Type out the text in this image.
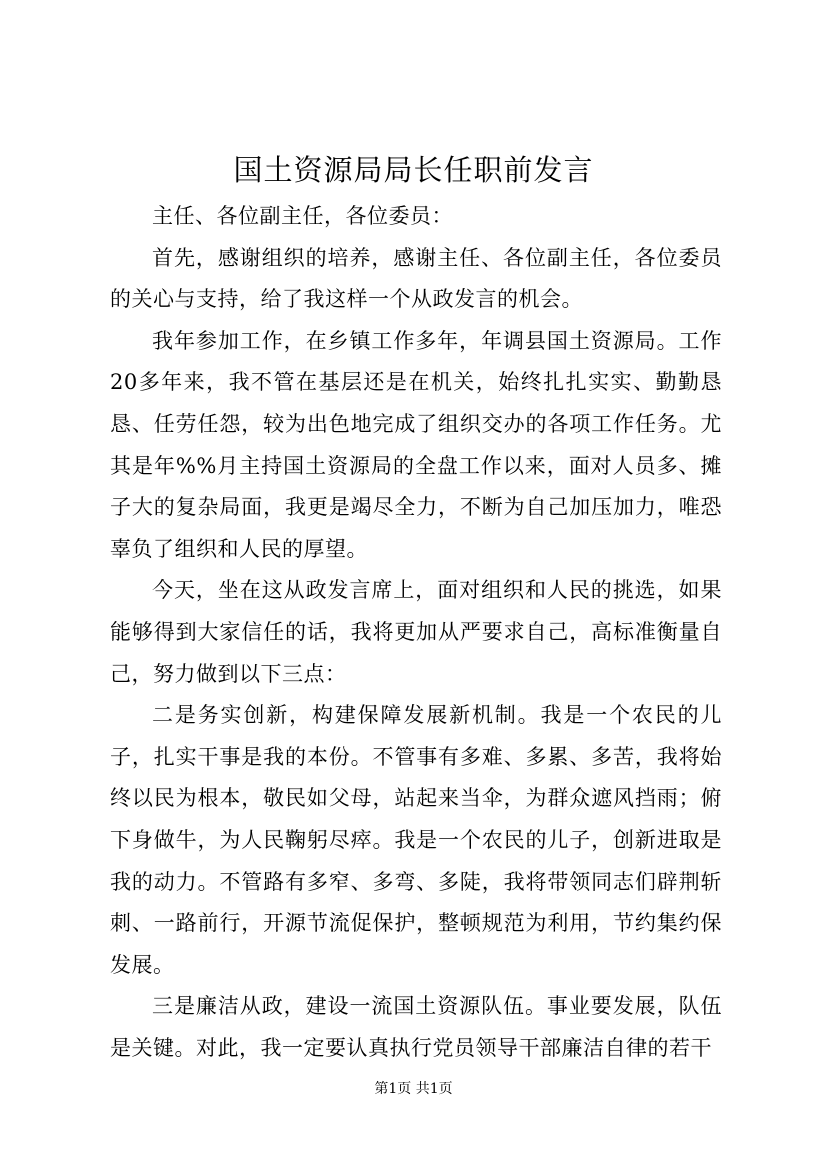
国土资源局局长任职前发言

主任、各位副主任，各位委员：

首先，感谢组织的培养，感谢主任、各位副主任，各位委员的关心与支持，给了我这样一个从政发言的机会。

我年参加工作，在乡镇工作多年，年调县国土资源局。工作20多年来，我不管在基层还是在机关，始终扎扎实实、勤勤恳恳、任劳任怨，较为出色地完成了组织交办的各项工作任务。尤其是年%%月主持国土资源局的全盘工作以来，面对人员多、摊子大的复杂局面，我更是竭尽全力，不断为自己加压加力，唯恐辜负了组织和人民的厚望。

今天，坐在这从政发言席上，面对组织和人民的挑选，如果能够得到大家信任的话，我将更加从严要求自己，高标准衡量自己，努力做到以下三点：

二是务实创新，构建保障发展新机制。我是一个农民的儿子，扎实干事是我的本份。不管事有多难、多累、多苦，我将始终以民为根本，敬民如父母，站起来当伞，为群众遮风挡雨；俯下身做牛，为人民鞠躬尽瘁。我是一个农民的儿子，创新进取是我的动力。不管路有多窄、多弯、多陡，我将带领同志们辟荆斩刺、一路前行，开源节流促保护，整顿规范为利用，节约集约保发展。

三是廉洁从政，建设一流国土资源队伍。事业要发展，队伍是关键。对此，我一定要认真执行党员领导干部廉洁自律的若干

第1页 共1页
